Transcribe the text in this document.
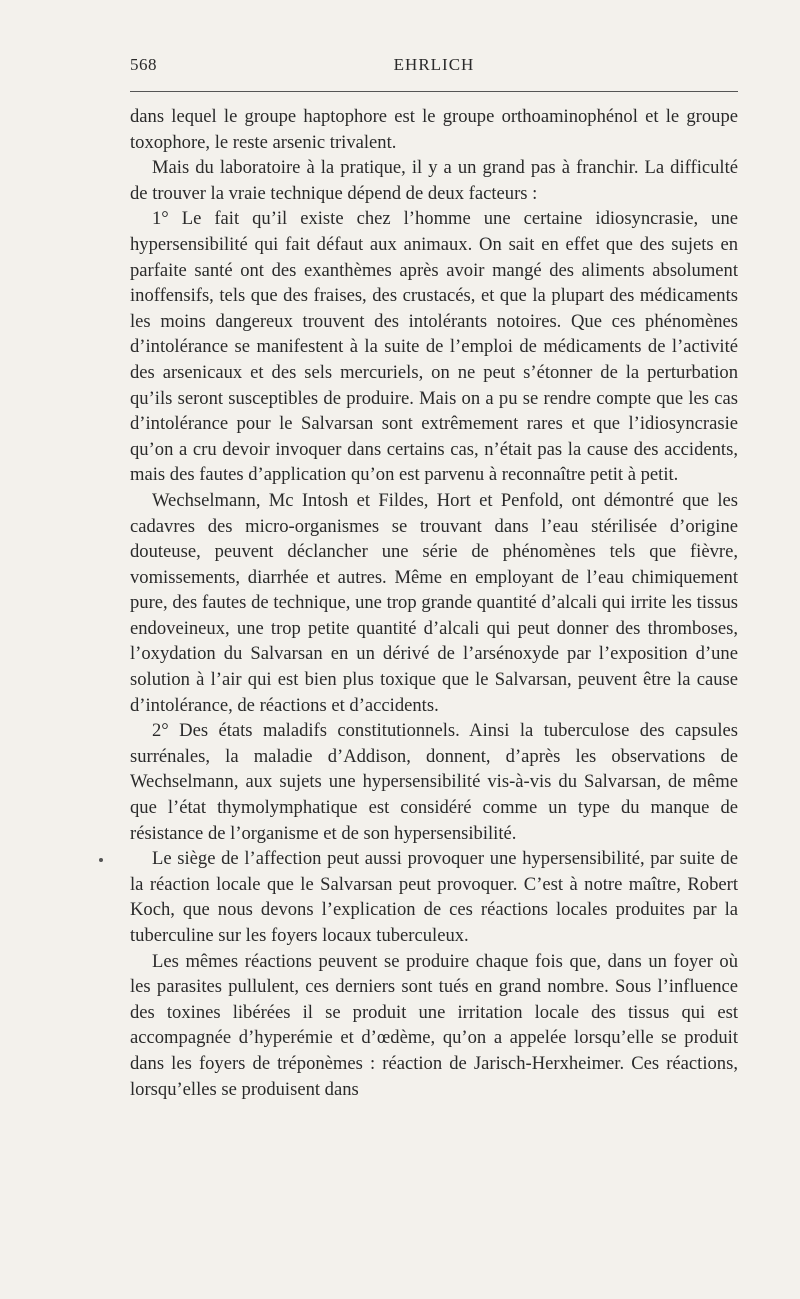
568	EHRLICH

dans lequel le groupe haptophore est le groupe orthoaminophénol et le groupe toxophore, le reste arsenic trivalent.

Mais du laboratoire à la pratique, il y a un grand pas à franchir. La difficulté de trouver la vraie technique dépend de deux facteurs :

1° Le fait qu’il existe chez l’homme une certaine idiosyncrasie, une hypersensibilité qui fait défaut aux animaux. On sait en effet que des sujets en parfaite santé ont des exanthèmes après avoir mangé des aliments absolument inoffensifs, tels que des fraises, des crustacés, et que la plupart des médicaments les moins dangereux trouvent des intolérants notoires. Que ces phénomènes d’intolérance se manifestent à la suite de l’emploi de médicaments de l’activité des arsenicaux et des sels mercuriels, on ne peut s’étonner de la perturbation qu’ils seront susceptibles de produire. Mais on a pu se rendre compte que les cas d’intolérance pour le Salvarsan sont extrêmement rares et que l’idiosyncrasie qu’on a cru devoir invoquer dans certains cas, n’était pas la cause des accidents, mais des fautes d’application qu’on est parvenu à reconnaître petit à petit.

Wechselmann, Mc Intosh et Fildes, Hort et Penfold, ont démontré que les cadavres des micro-organismes se trouvant dans l’eau stérilisée d’origine douteuse, peuvent déclancher une série de phénomènes tels que fièvre, vomissements, diarrhée et autres. Même en employant de l’eau chimiquement pure, des fautes de technique, une trop grande quantité d’alcali qui irrite les tissus endoveineux, une trop petite quantité d’alcali qui peut donner des thromboses, l’oxydation du Salvarsan en un dérivé de l’arsénoxyde par l’exposition d’une solution à l’air qui est bien plus toxique que le Salvarsan, peuvent être la cause d’intolérance, de réactions et d’accidents.

2° Des états maladifs constitutionnels. Ainsi la tuberculose des capsules surrénales, la maladie d’Addison, donnent, d’après les observations de Wechselmann, aux sujets une hypersensibilité vis-à-vis du Salvarsan, de même que l’état thymolymphatique est considéré comme un type du manque de résistance de l’organisme et de son hypersensibilité.

Le siège de l’affection peut aussi provoquer une hypersensibilité, par suite de la réaction locale que le Salvarsan peut provoquer. C’est à notre maître, Robert Koch, que nous devons l’explication de ces réactions locales produites par la tuberculine sur les foyers locaux tuberculeux.

Les mêmes réactions peuvent se produire chaque fois que, dans un foyer où les parasites pullulent, ces derniers sont tués en grand nombre. Sous l’influence des toxines libérées il se produit une irritation locale des tissus qui est accompagnée d’hyperémie et d’œdème, qu’on a appelée lorsqu’elle se produit dans les foyers de tréponèmes : réaction de Jarisch-Herxheimer. Ces réactions, lorsqu’elles se produisent dans
